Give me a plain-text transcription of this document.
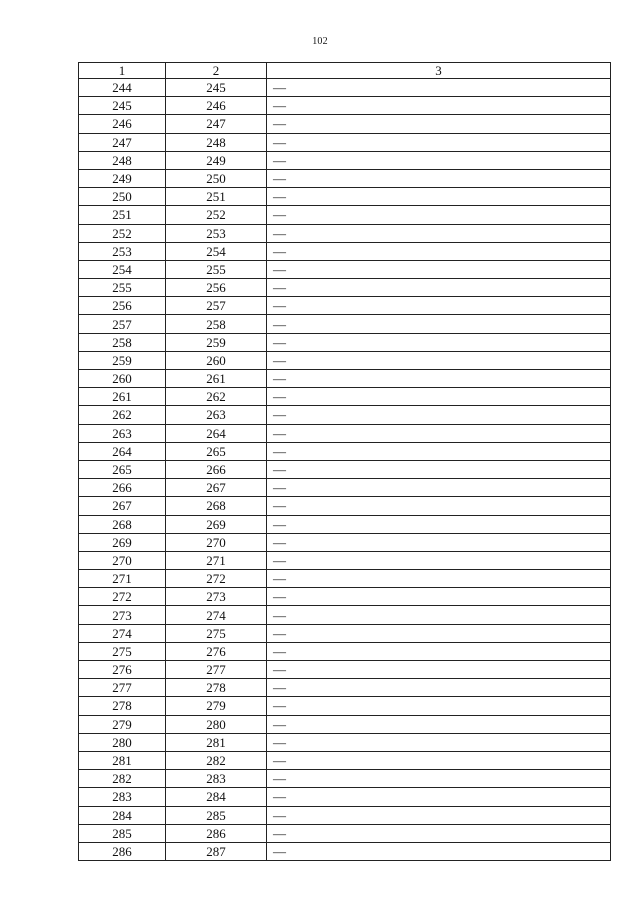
102
1	2	3
244	245	—
245	246	—
246	247	—
247	248	—
248	249	—
249	250	—
250	251	—
251	252	—
252	253	—
253	254	—
254	255	—
255	256	—
256	257	—
257	258	—
258	259	—
259	260	—
260	261	—
261	262	—
262	263	—
263	264	—
264	265	—
265	266	—
266	267	—
267	268	—
268	269	—
269	270	—
270	271	—
271	272	—
272	273	—
273	274	—
274	275	—
275	276	—
276	277	—
277	278	—
278	279	—
279	280	—
280	281	—
281	282	—
282	283	—
283	284	—
284	285	—
285	286	—
286	287	—
